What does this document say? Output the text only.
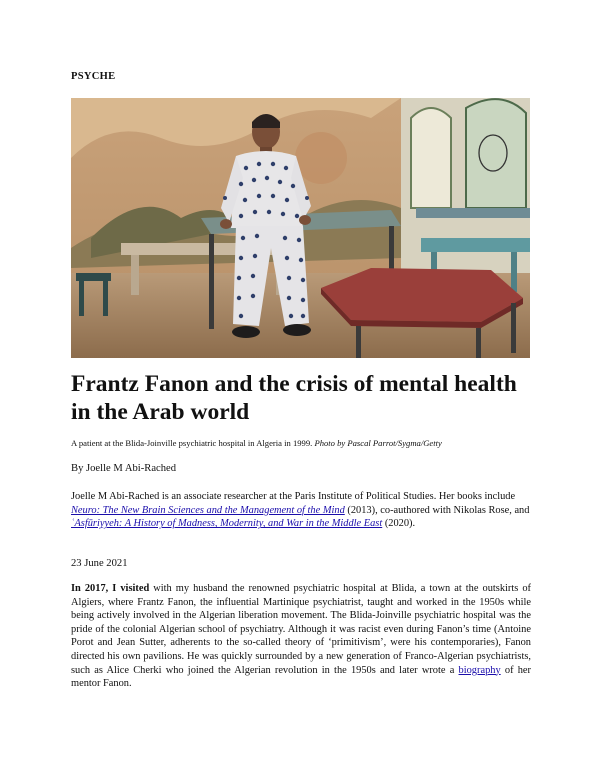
PSYCHE
Frantz Fanon and the crisis of mental health in the Arab world
A patient at the Blida-Joinville psychiatric hospital in Algeria in 1999. Photo by Pascal Parrot/Sygma/Getty
By Joelle M Abi-Rached
Joelle M Abi-Rached is an associate researcher at the Paris Institute of Political Studies. Her books include Neuro: The New Brain Sciences and the Management of the Mind (2013), co-authored with Nikolas Rose, and ʿAsfūriyyeh: A History of Madness, Modernity, and War in the Middle East (2020).
23 June 2021
In 2017, I visited with my husband the renowned psychiatric hospital at Blida, a town at the outskirts of Algiers, where Frantz Fanon, the influential Martinique psychiatrist, taught and worked in the 1950s while being actively involved in the Algerian liberation movement. The Blida-Joinville psychiatric hospital was the pride of the colonial Algerian school of psychiatry. Although it was racist even during Fanon’s time (Antoine Porot and Jean Sutter, adherents to the so-called theory of ‘primitivism’, were his contemporaries), Fanon directed his own pavilions. He was quickly surrounded by a new generation of Franco-Algerian psychiatrists, such as Alice Cherki who joined the Algerian revolution in the 1950s and later wrote a biography of her mentor Fanon.
